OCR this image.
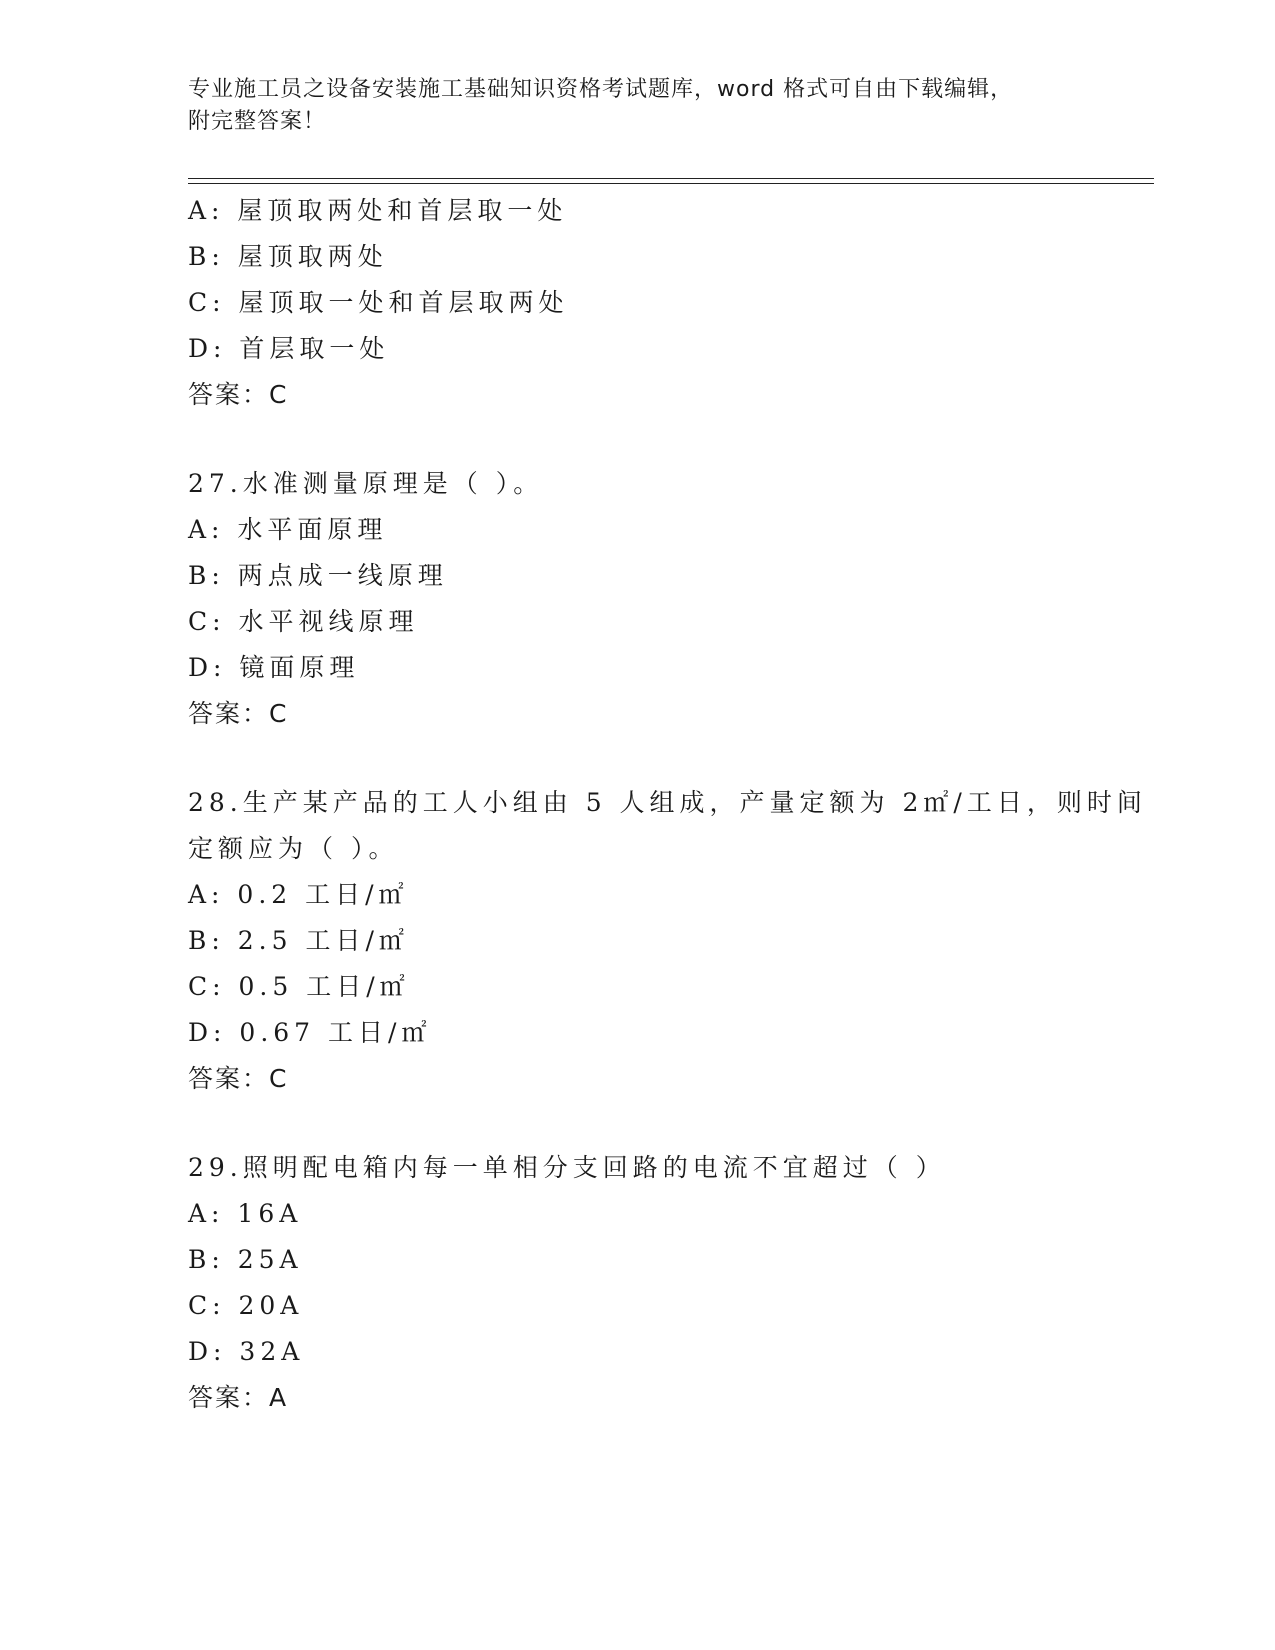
专业施工员之设备安装施工基础知识资格考试题库，word 格式可自由下载编辑，
附完整答案！
A: 屋顶取两处和首层取一处
B: 屋顶取两处
C: 屋顶取一处和首层取两处
D: 首层取一处
答案：C
27.水准测量原理是（ ）。
A: 水平面原理
B: 两点成一线原理
C: 水平视线原理
D: 镜面原理
答案：C
28.生产某产品的工人小组由 5 人组成，产量定额为 2㎡/工日，则时间
定额应为（ ）。
A: 0.2 工日/㎡
B: 2.5 工日/㎡
C: 0.5 工日/㎡
D: 0.67 工日/㎡
答案：C
29.照明配电箱内每一单相分支回路的电流不宜超过（ ）
A: 16A
B: 25A
C: 20A
D: 32A
答案：A
